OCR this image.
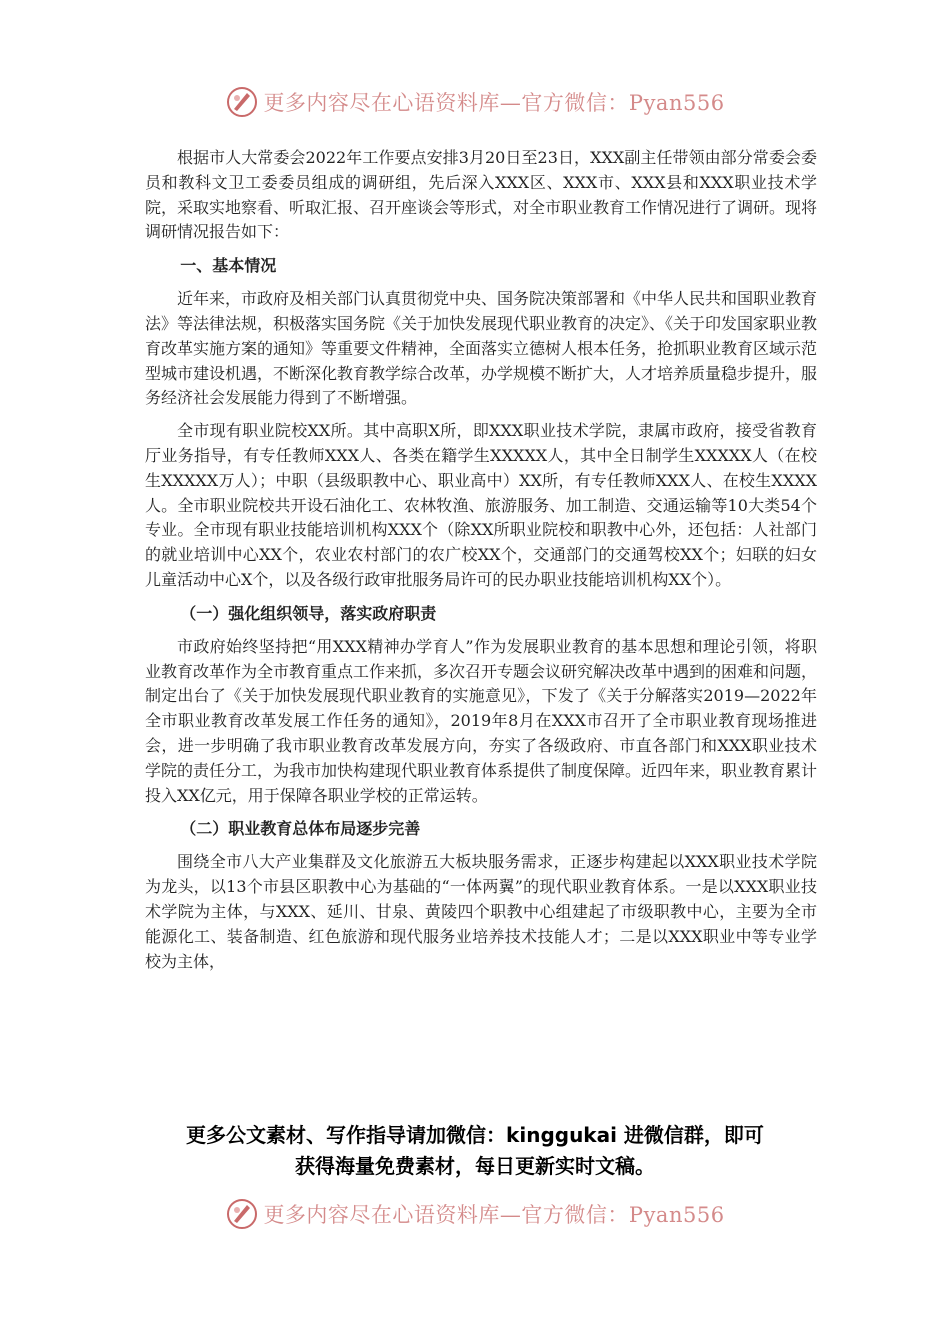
更多内容尽在心语资料库—官方微信：Pyan556

根据市人大常委会2022年工作要点安排3月20日至23日，XXX副主任带领由部分常委会委员和教科文卫工委委员组成的调研组，先后深入XXX区、XXX市、XXX县和XXX职业技术学院，采取实地察看、听取汇报、召开座谈会等形式，对全市职业教育工作情况进行了调研。现将调研情况报告如下：

一、基本情况

近年来，市政府及相关部门认真贯彻党中央、国务院决策部署和《中华人民共和国职业教育法》等法律法规，积极落实国务院《关于加快发展现代职业教育的决定》、《关于印发国家职业教育改革实施方案的通知》等重要文件精神，全面落实立德树人根本任务，抢抓职业教育区域示范型城市建设机遇，不断深化教育教学综合改革，办学规模不断扩大，人才培养质量稳步提升，服务经济社会发展能力得到了不断增强。

全市现有职业院校XX所。其中高职X所，即XXX职业技术学院，隶属市政府，接受省教育厅业务指导，有专任教师XXX人、各类在籍学生XXXXX人，其中全日制学生XXXXX人（在校生XXXXX万人）；中职（县级职教中心、职业高中）XX所，有专任教师XXX人、在校生XXXX人。全市职业院校共开设石油化工、农林牧渔、旅游服务、加工制造、交通运输等10大类54个专业。全市现有职业技能培训机构XXX个（除XX所职业院校和职教中心外，还包括：人社部门的就业培训中心XX个，农业农村部门的农广校XX个，交通部门的交通驾校XX个；妇联的妇女儿童活动中心X个，以及各级行政审批服务局许可的民办职业技能培训机构XX个）。

（一）强化组织领导，落实政府职责

市政府始终坚持把“用XXX精神办学育人”作为发展职业教育的基本思想和理论引领，将职业教育改革作为全市教育重点工作来抓，多次召开专题会议研究解决改革中遇到的困难和问题，制定出台了《关于加快发展现代职业教育的实施意见》，下发了《关于分解落实2019—2022年全市职业教育改革发展工作任务的通知》，2019年8月在XXX市召开了全市职业教育现场推进会，进一步明确了我市职业教育改革发展方向，夯实了各级政府、市直各部门和XXX职业技术学院的责任分工，为我市加快构建现代职业教育体系提供了制度保障。近四年来，职业教育累计投入XX亿元，用于保障各职业学校的正常运转。

（二）职业教育总体布局逐步完善

围绕全市八大产业集群及文化旅游五大板块服务需求，正逐步构建起以XXX职业技术学院为龙头，以13个市县区职教中心为基础的“一体两翼”的现代职业教育体系。一是以XXX职业技术学院为主体，与XXX、延川、甘泉、黄陵四个职教中心组建起了市级职教中心，主要为全市能源化工、装备制造、红色旅游和现代服务业培养技术技能人才；二是以XXX职业中等专业学校为主体，

更多公文素材、写作指导请加微信：kinggukai 进微信群，即可
获得海量免费素材，每日更新实时文稿。
更多内容尽在心语资料库—官方微信：Pyan556
